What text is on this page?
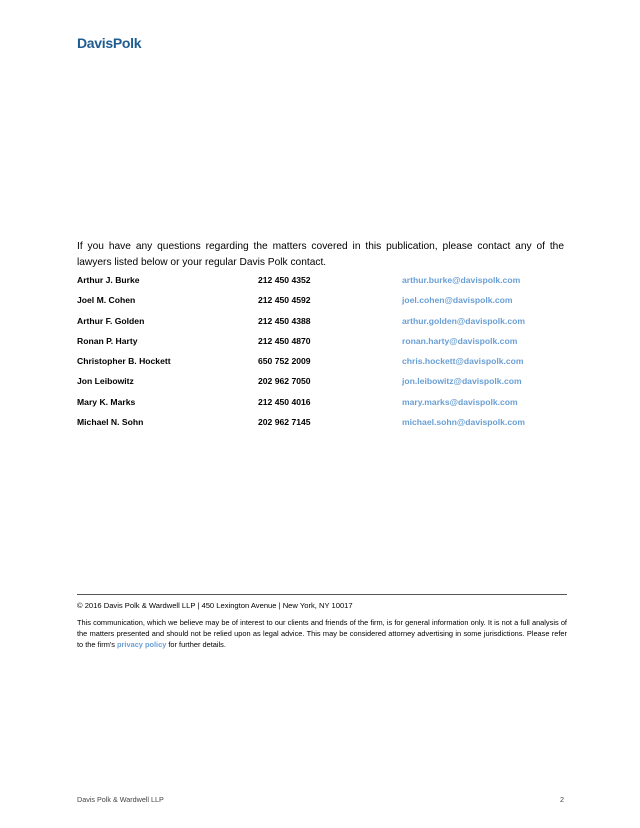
DavisPolk
If you have any questions regarding the matters covered in this publication, please contact any of the lawyers listed below or your regular Davis Polk contact.
Arthur J. Burke	212 450 4352	arthur.burke@davispolk.com
Joel M. Cohen	212 450 4592	joel.cohen@davispolk.com
Arthur F. Golden	212 450 4388	arthur.golden@davispolk.com
Ronan P. Harty	212 450 4870	ronan.harty@davispolk.com
Christopher B. Hockett	650 752 2009	chris.hockett@davispolk.com
Jon Leibowitz	202 962 7050	jon.leibowitz@davispolk.com
Mary K. Marks	212 450 4016	mary.marks@davispolk.com
Michael N. Sohn	202 962 7145	michael.sohn@davispolk.com
© 2016 Davis Polk & Wardwell LLP | 450 Lexington Avenue | New York, NY 10017
This communication, which we believe may be of interest to our clients and friends of the firm, is for general information only. It is not a full analysis of the matters presented and should not be relied upon as legal advice. This may be considered attorney advertising in some jurisdictions. Please refer to the firm's privacy policy for further details.
Davis Polk & Wardwell LLP	2
